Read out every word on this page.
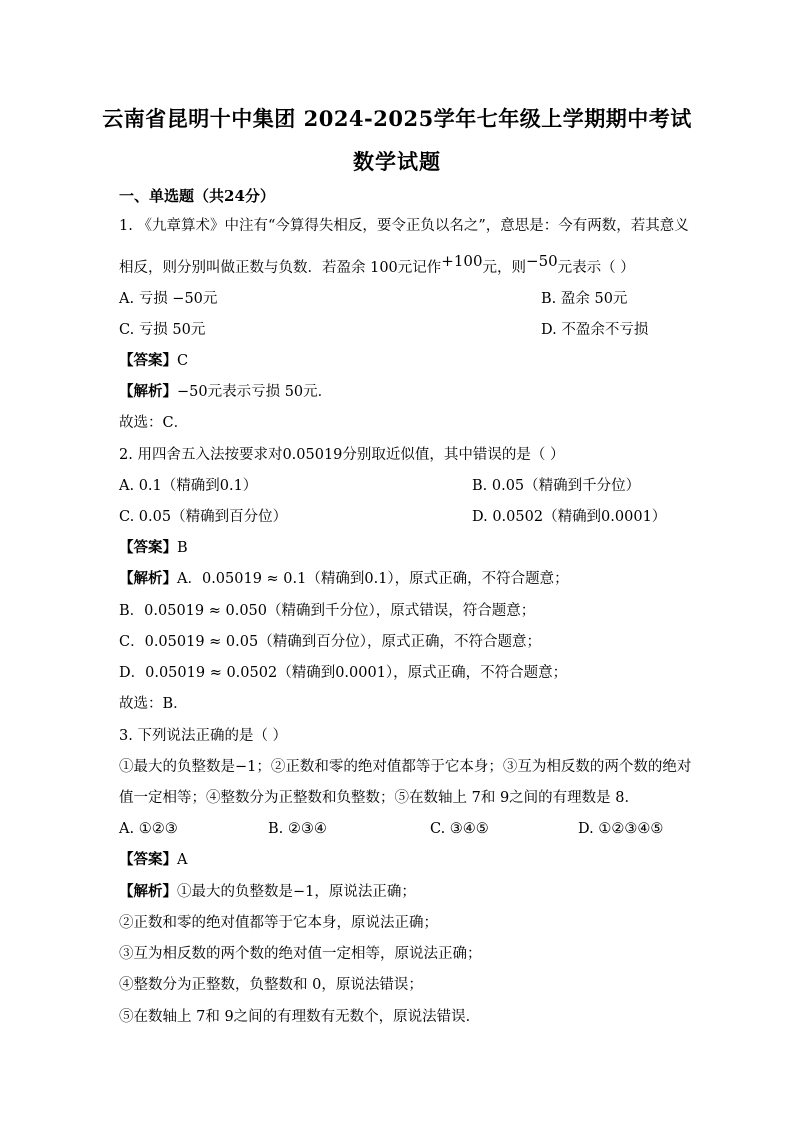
云南省昆明十中集团 2024-2025学年七年级上学期期中考试
数学试题
一、单选题（共24分）
1. 《九章算术》中注有“今算得失相反，要令正负以名之”，意思是：今有两数，若其意义
相反，则分别叫做正数与负数．若盈余 100元记作+100元，则−50元表示（ ）
A. 亏损 −50元	B. 盈余 50元
C. 亏损 50元	D. 不盈余不亏损
【答案】C
【解析】−50元表示亏损 50元．
故选：C．
2. 用四舍五入法按要求对0.05019分别取近似值，其中错误的是（ ）
A. 0.1（精确到0.1）	B. 0.05（精确到千分位）
C. 0.05（精确到百分位）	D. 0.0502（精确到0.0001）
【答案】B
【解析】A．0.05019 ≈ 0.1（精确到0.1），原式正确，不符合题意；
B．0.05019 ≈ 0.050（精确到千分位），原式错误，符合题意；
C．0.05019 ≈ 0.05（精确到百分位），原式正确，不符合题意；
D．0.05019 ≈ 0.0502（精确到0.0001），原式正确，不符合题意；
故选：B．
3. 下列说法正确的是（ ）
①最大的负整数是−1；②正数和零的绝对值都等于它本身；③互为相反数的两个数的绝对
值一定相等；④整数分为正整数和负整数；⑤在数轴上 7和 9之间的有理数是 8．
A. ①②③	B. ②③④	C. ③④⑤	D. ①②③④⑤
【答案】A
【解析】①最大的负整数是−1，原说法正确；
②正数和零的绝对值都等于它本身，原说法正确；
③互为相反数的两个数的绝对值一定相等，原说法正确；
④整数分为正整数，负整数和 0，原说法错误；
⑤在数轴上 7和 9之间的有理数有无数个，原说法错误．
